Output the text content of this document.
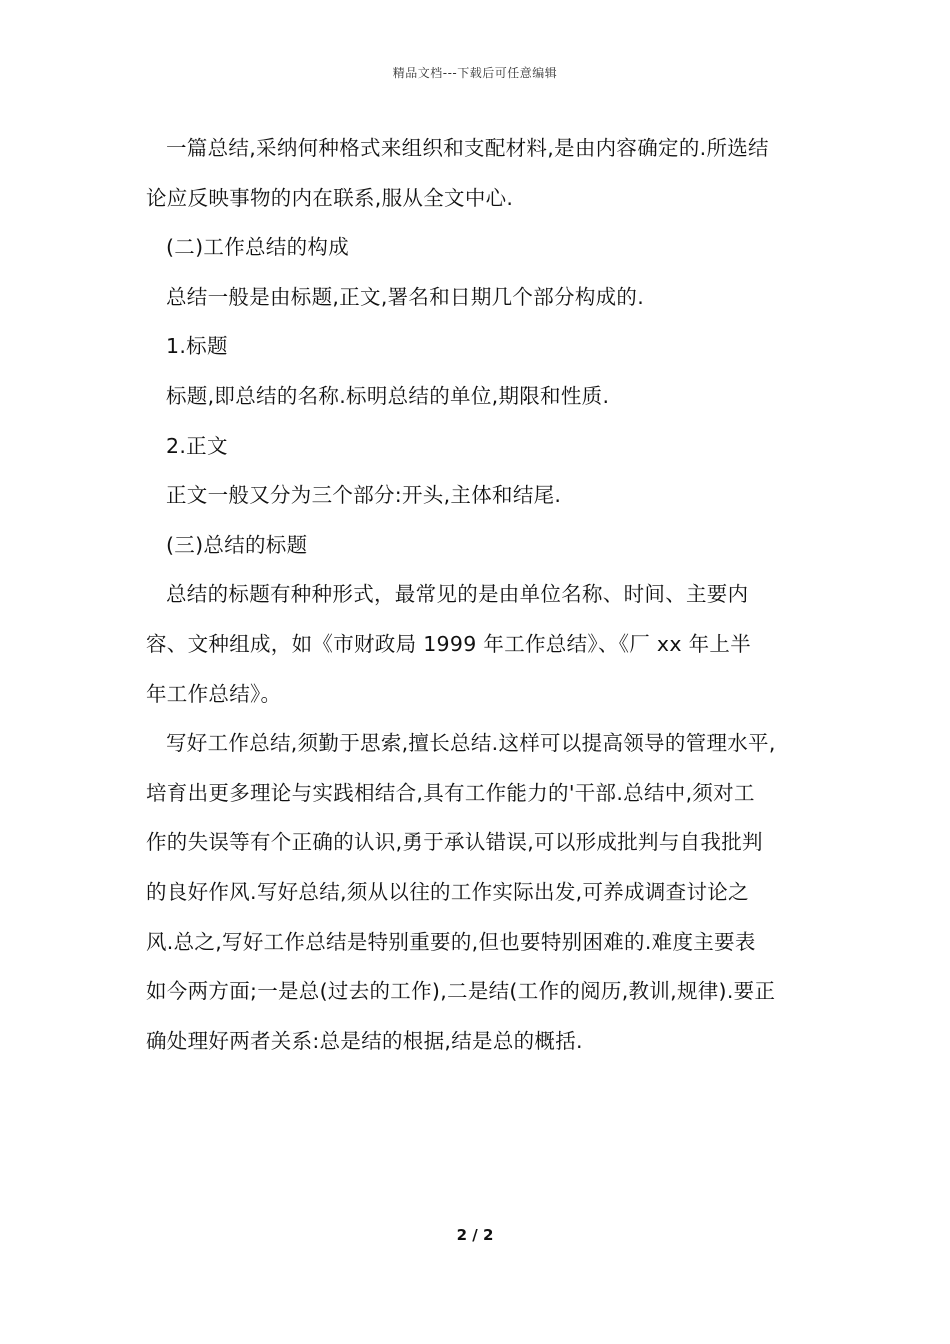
精品文档---下载后可任意编辑

一篇总结,采纳何种格式来组织和支配材料,是由内容确定的.所选结

论应反映事物的内在联系,服从全文中心.

(二)工作总结的构成

总结一般是由标题,正文,署名和日期几个部分构成的.

1.标题

标题,即总结的名称.标明总结的单位,期限和性质.

2.正文

正文一般又分为三个部分:开头,主体和结尾.

(三)总结的标题

总结的标题有种种形式，最常见的是由单位名称、时间、主要内

容、文种组成，如《市财政局 1999 年工作总结》、《厂 xx 年上半

年工作总结》。

写好工作总结,须勤于思索,擅长总结.这样可以提高领导的管理水平,

培育出更多理论与实践相结合,具有工作能力的'干部.总结中,须对工

作的失误等有个正确的认识,勇于承认错误,可以形成批判与自我批判

的良好作风.写好总结,须从以往的工作实际出发,可养成调查讨论之

风.总之,写好工作总结是特别重要的,但也要特别困难的.难度主要表

如今两方面;一是总(过去的工作),二是结(工作的阅历,教训,规律).要正

确处理好两者关系:总是结的根据,结是总的概括.

2 / 2
